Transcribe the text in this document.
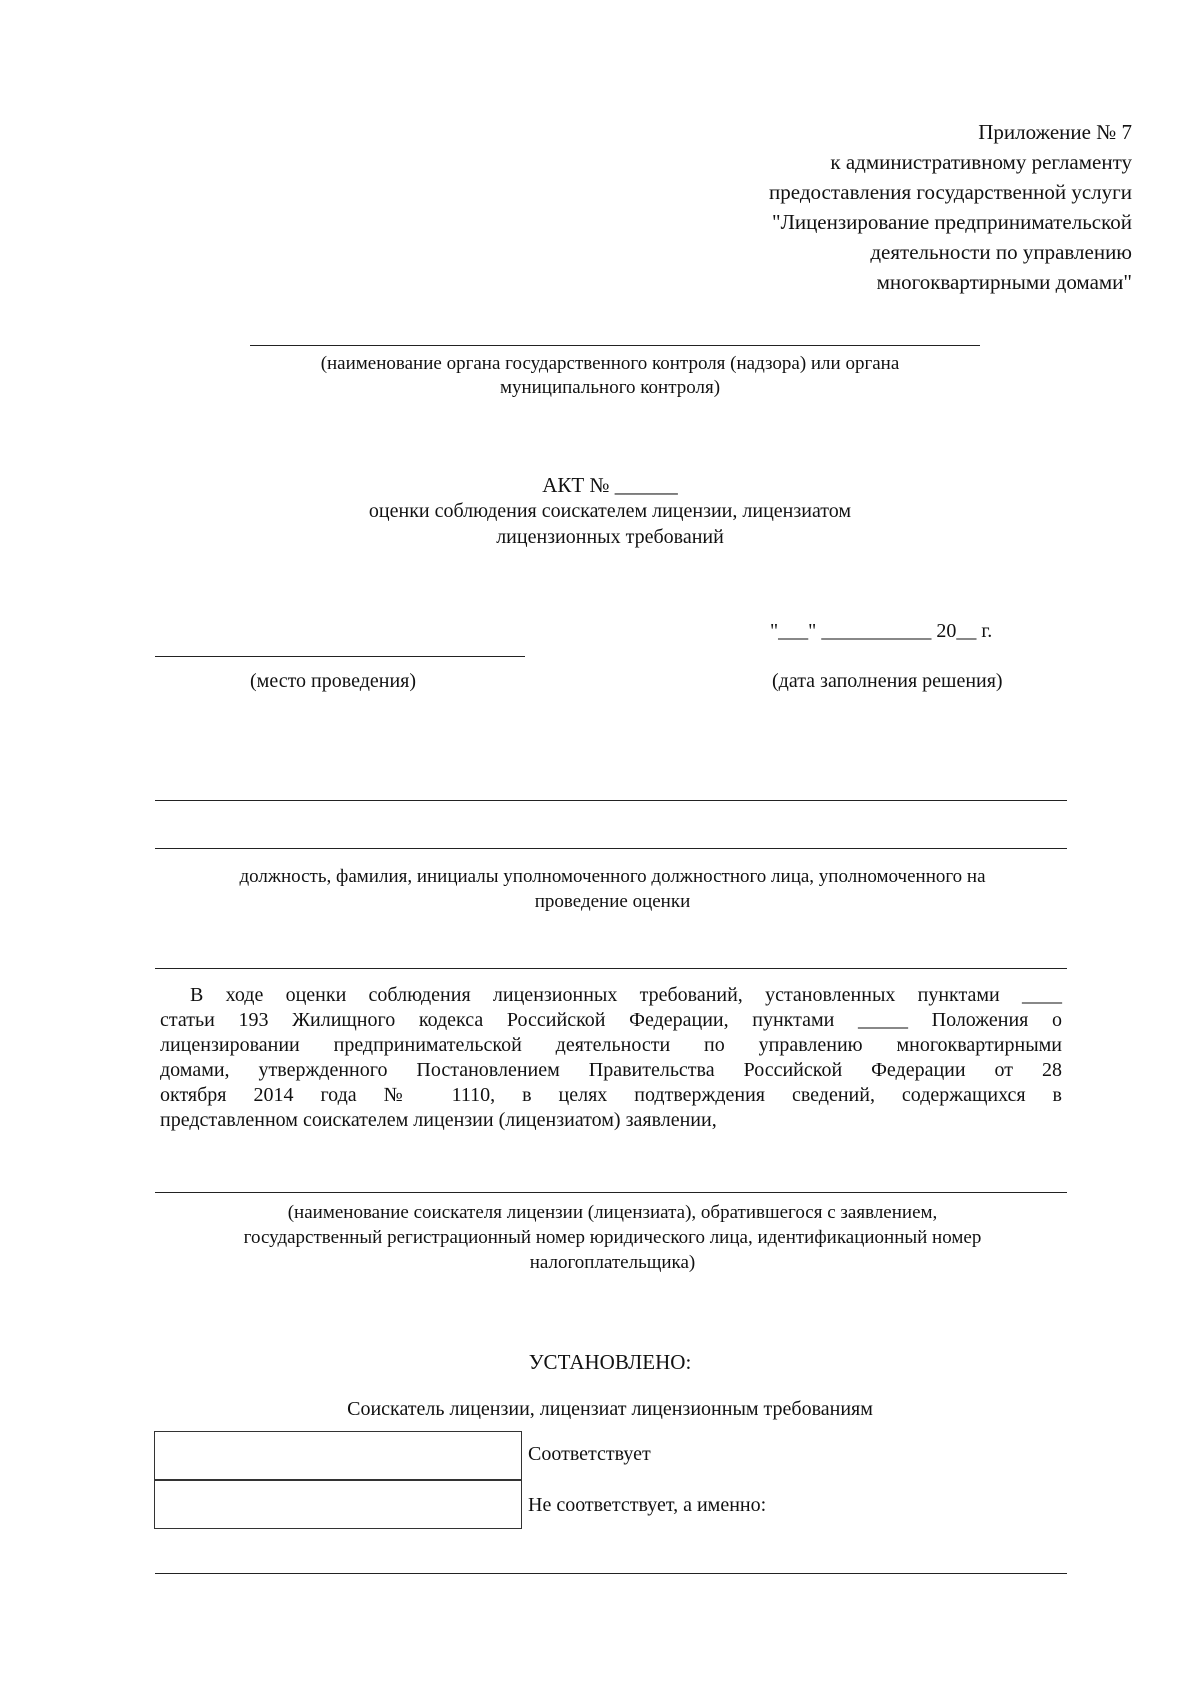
Приложение № 7
к административному регламенту
предоставления государственной услуги
"Лицензирование предпринимательской
деятельности по управлению
многоквартирными домами"
(наименование органа государственного контроля (надзора) или органа
муниципального контроля)
АКТ № ______
оценки соблюдения соискателем лицензии, лицензиатом
лицензионных требований
"___" ___________ 20__ г.
(место проведения)	(дата заполнения решения)
должность, фамилия, инициалы уполномоченного должностного лица, уполномоченного на
проведение оценки
В ходе оценки соблюдения лицензионных требований, установленных пунктами ____
статьи 193 Жилищного кодекса Российской Федерации, пунктами _____ Положения о
лицензировании предпринимательской деятельности по управлению многоквартирными
домами, утвержденного Постановлением Правительства Российской Федерации от 28
октября 2014 года № 1110, в целях подтверждения сведений, содержащихся в
представленном соискателем лицензии (лицензиатом) заявлении,
(наименование соискателя лицензии (лицензиата), обратившегося с заявлением,
государственный регистрационный номер юридического лица, идентификационный номер
налогоплательщика)
УСТАНОВЛЕНО:
Соискатель лицензии, лицензиат лицензионным требованиям
Соответствует
Не соответствует, а именно:
